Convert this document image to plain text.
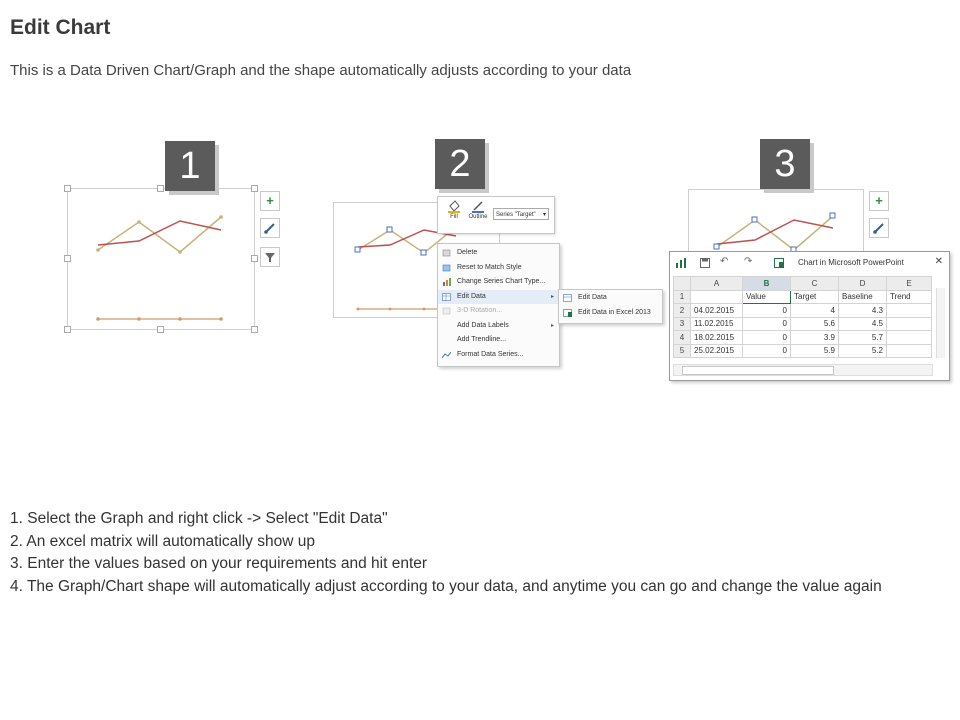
Edit Chart
This is a Data Driven Chart/Graph and the shape automatically adjusts according to your data
1
+
2
Fill	Outline	Series "Target" ▾
Delete
Reset to Match Style
Change Series Chart Type...
Edit Data	▸
3-D Rotation...
Add Data Labels	▸
Add Trendline...
Format Data Series...
Edit Data
Edit Data in Excel 2013
3
+
↶ ↷	Chart in Microsoft PowerPoint	✕
	A	B	C	D	E
1		Value	Target	Baseline	Trend
2	04.02.2015	0	4	4.3	
3	11.02.2015	0	5.6	4.5	
4	18.02.2015	0	3.9	5.7	
5	25.02.2015	0	5.9	5.2	
1. Select the Graph and right click -> Select "Edit Data"
2. An excel matrix will automatically show up
3. Enter the values based on your requirements and hit enter
4. The Graph/Chart shape will automatically adjust according to your data, and anytime you can go and change the value again
